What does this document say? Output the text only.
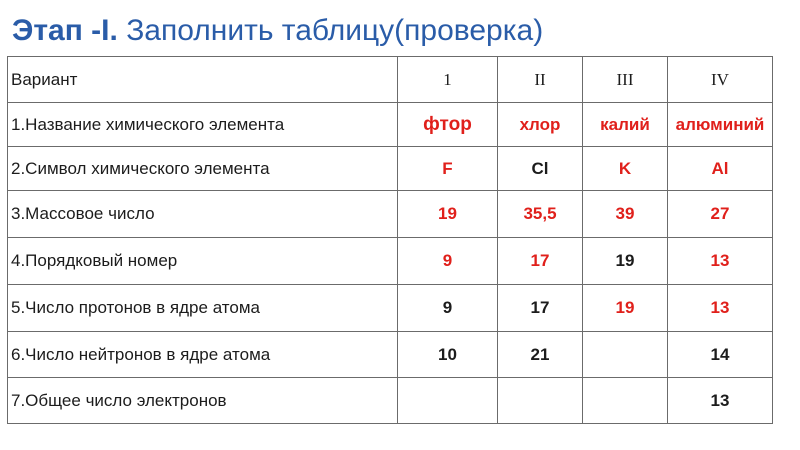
Этап -I. Заполнить таблицу(проверка)
Вариант	1	II	III	IV
1.Название химического элемента	фтор	хлор	калий	алюминий
2.Символ химического элемента	F	Cl	K	Al
3.Массовое число	19	35,5	39	27
4.Порядковый номер	9	17	19	13
5.Число протонов в ядре атома	9	17	19	13
6.Число нейтронов в ядре атома	10	21		14
7.Общее число электронов				13
